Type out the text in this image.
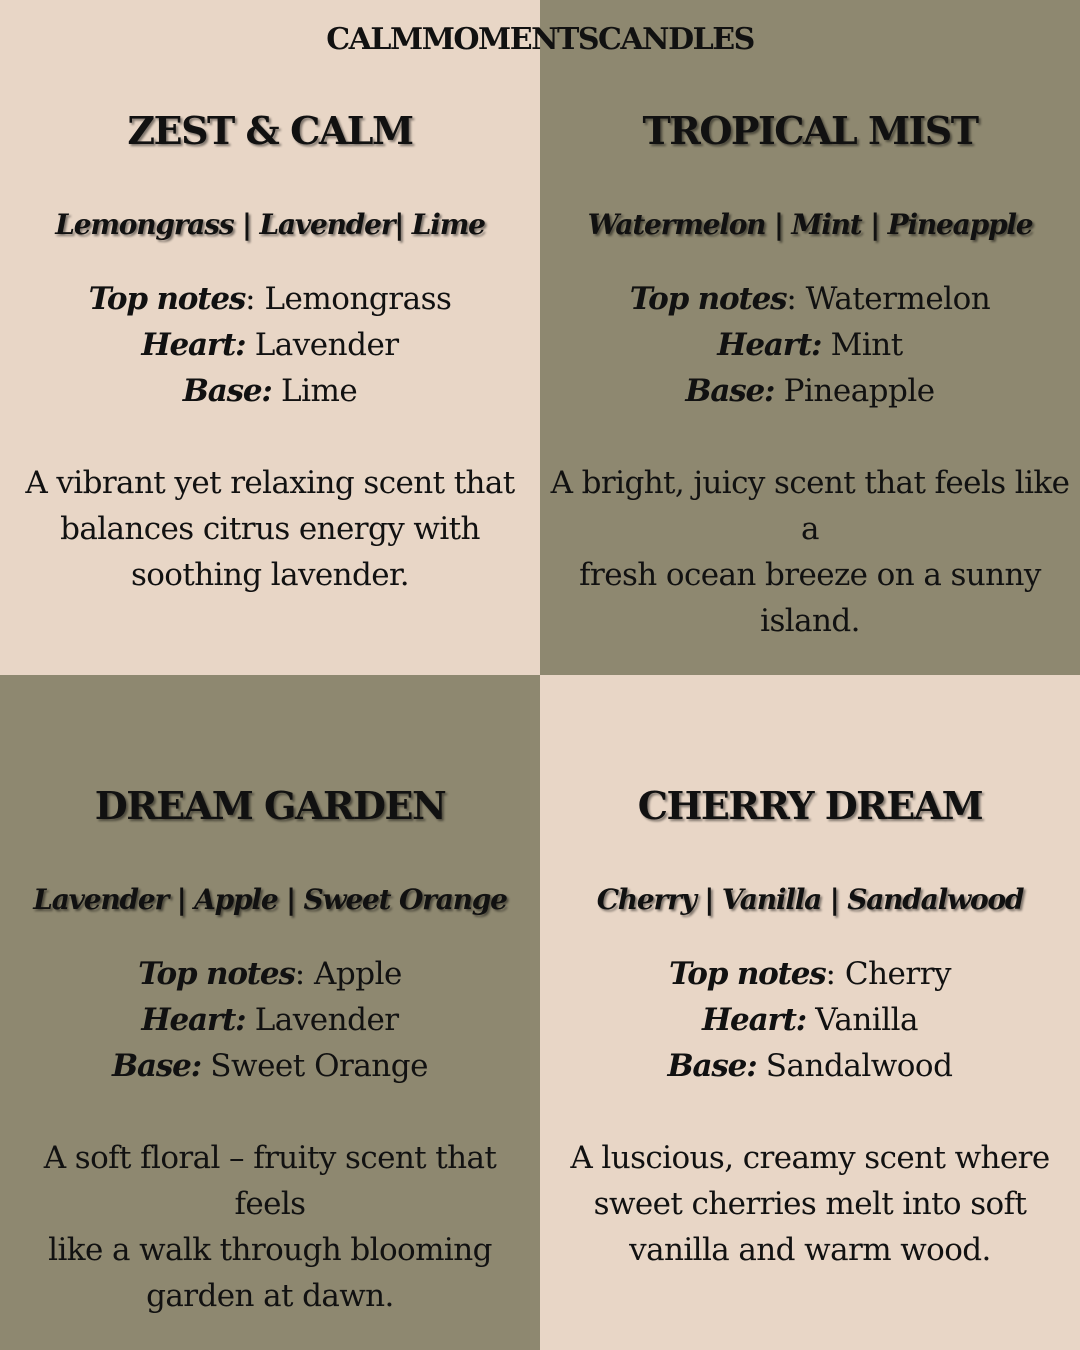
CALMMOMENTSCANDLES
ZEST & CALM
Lemongrass | Lavender| Lime
Top notes: Lemongrass
Heart: Lavender
Base: Lime
A vibrant yet relaxing scent that
balances citrus energy with
soothing lavender.
TROPICAL MIST
Watermelon | Mint | Pineapple
Top notes: Watermelon
Heart: Mint
Base: Pineapple
A bright, juicy scent that feels like a
fresh ocean breeze on a sunny
island.
DREAM GARDEN
Lavender | Apple | Sweet Orange
Top notes: Apple
Heart: Lavender
Base: Sweet Orange
A soft floral – fruity scent that feels
like a walk through blooming
garden at dawn.
CHERRY DREAM
Cherry | Vanilla | Sandalwood
Top notes: Cherry
Heart: Vanilla
Base: Sandalwood
A luscious, creamy scent where
sweet cherries melt into soft
vanilla and warm wood.
